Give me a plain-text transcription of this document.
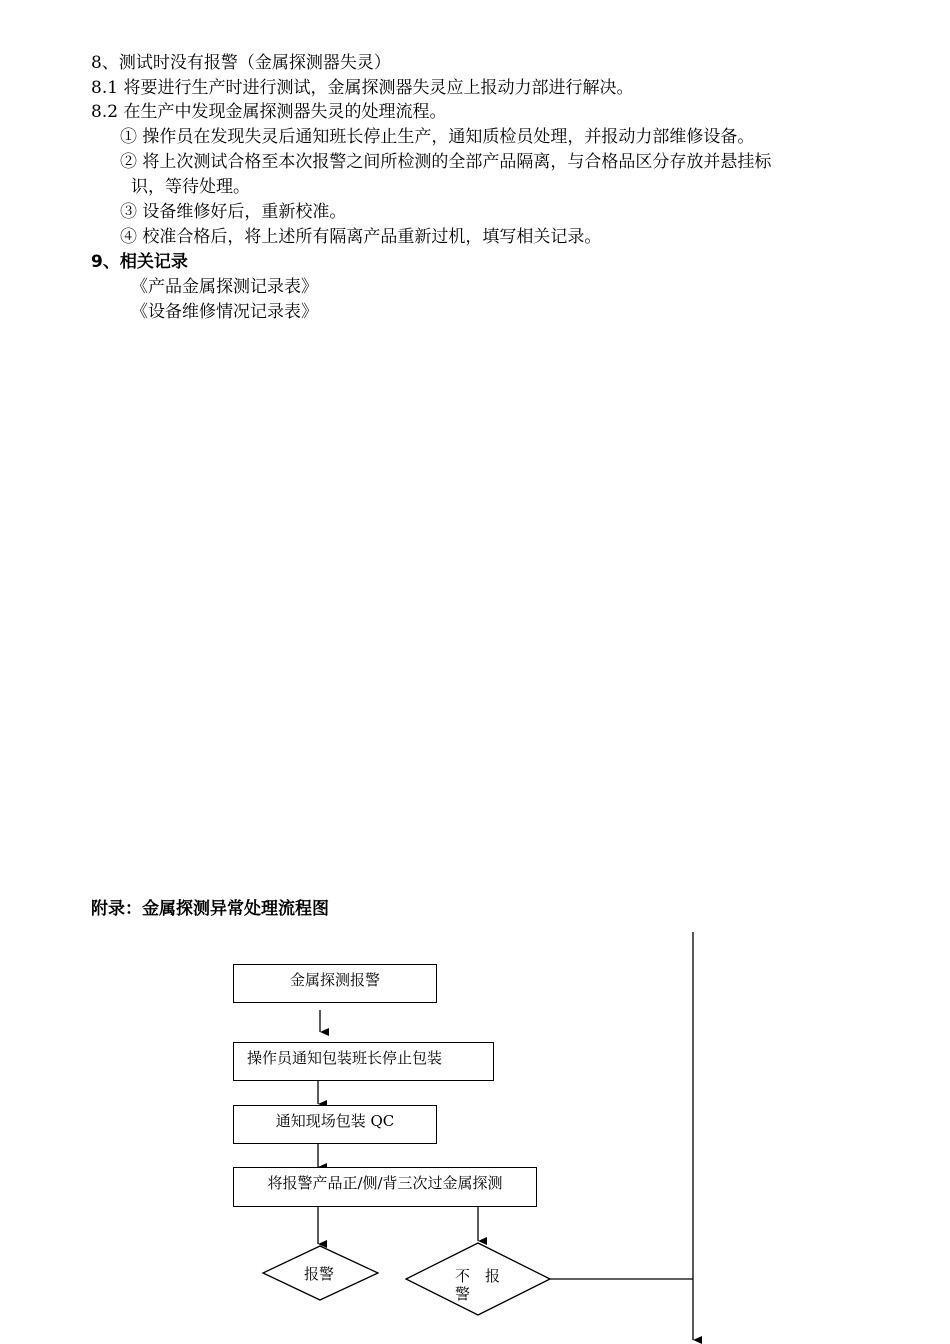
8、测试时没有报警（金属探测器失灵）
8.1 将要进行生产时进行测试，金属探测器失灵应上报动力部进行解决。
8.2 在生产中发现金属探测器失灵的处理流程。
① 操作员在发现失灵后通知班长停止生产，通知质检员处理，并报动力部维修设备。
② 将上次测试合格至本次报警之间所检测的全部产品隔离，与合格品区分存放并悬挂标
识，等待处理。
③ 设备维修好后，重新校准。
④ 校准合格后，将上述所有隔离产品重新过机，填写相关记录。
9、相关记录
《产品金属探测记录表》
《设备维修情况记录表》
附录：金属探测异常处理流程图
金属探测报警
操作员通知包装班长停止包装
通知现场包装 QC
将报警产品正/侧/背三次过金属探测
报警	不　报
警
